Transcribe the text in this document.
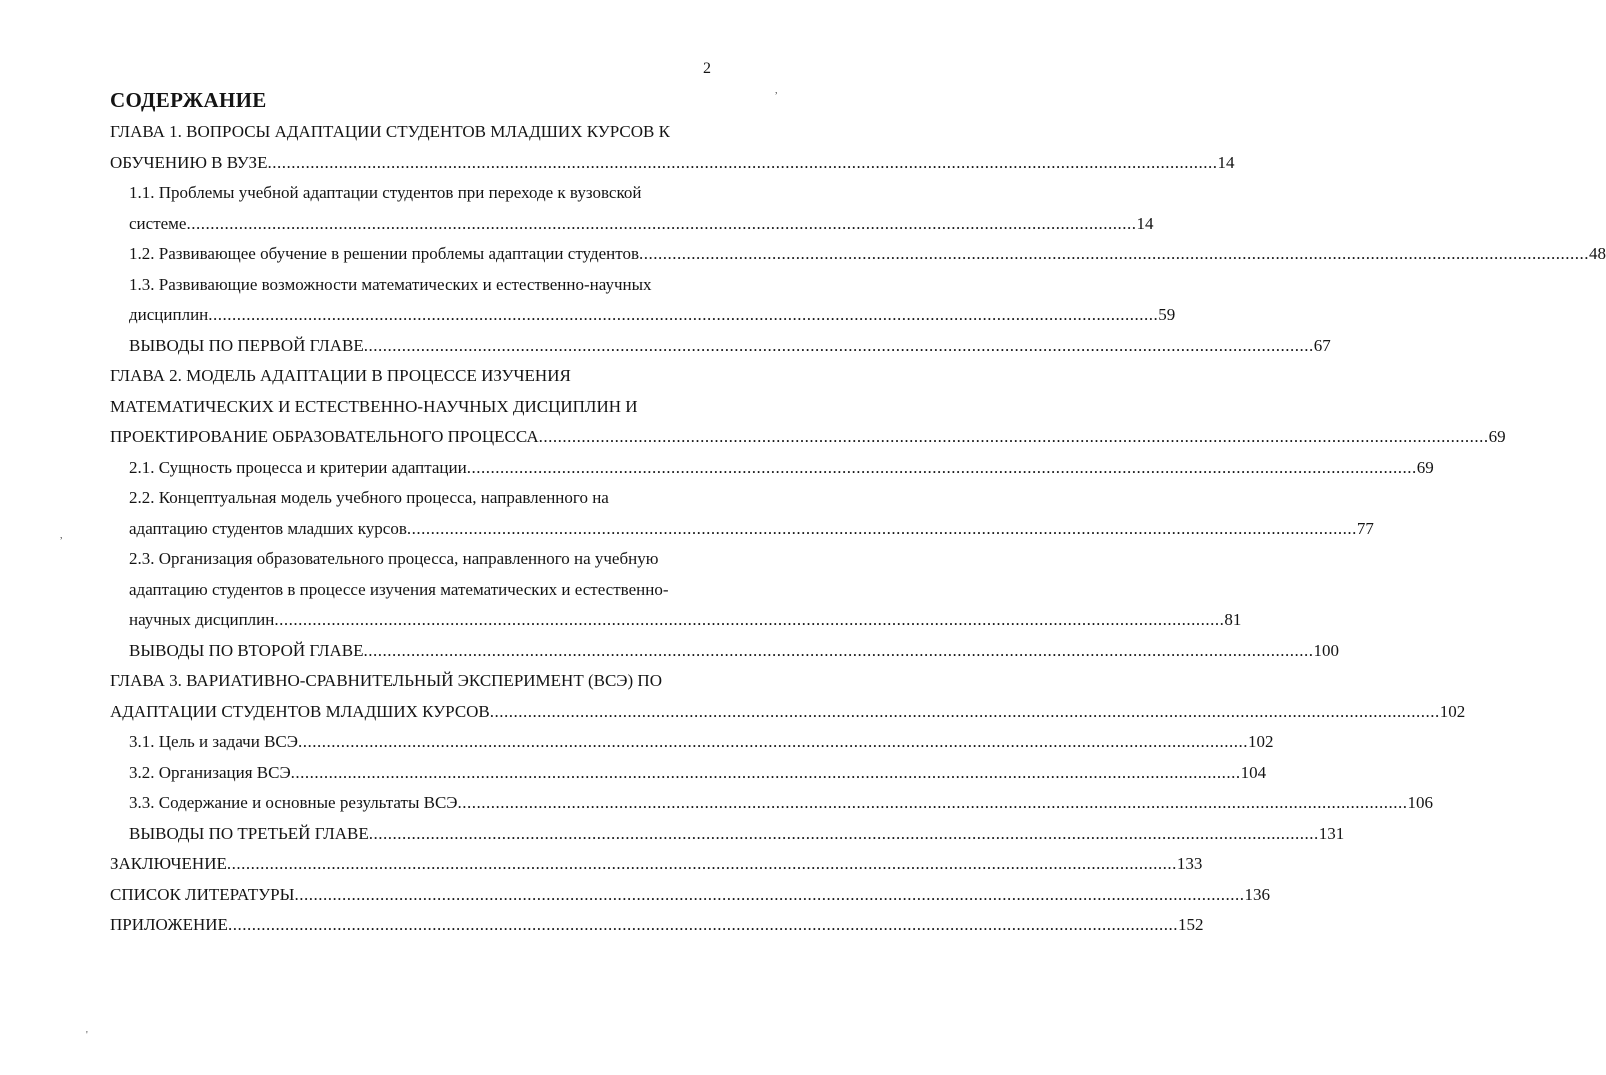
2
СОДЕРЖАНИЕ
ГЛАВА 1. ВОПРОСЫ АДАПТАЦИИ СТУДЕНТОВ МЛАДШИХ КУРСОВ К
ОБУЧЕНИЮ В ВУЗЕ ........................................................................................................................................................................................................ 14
1.1. Проблемы учебной адаптации студентов при переходе к вузовской
системе ........................................................................................................................................................................................................ 14
1.2. Развивающее обучение в решении проблемы адаптации студентов ........................................................................................................................................................................................................ 48
1.3. Развивающие возможности математических и естественно-научных
дисциплин ........................................................................................................................................................................................................ 59
ВЫВОДЫ ПО ПЕРВОЙ ГЛАВЕ ........................................................................................................................................................................................................ 67
ГЛАВА 2. МОДЕЛЬ АДАПТАЦИИ В ПРОЦЕССЕ ИЗУЧЕНИЯ
МАТЕМАТИЧЕСКИХ И ЕСТЕСТВЕННО-НАУЧНЫХ ДИСЦИПЛИН И
ПРОЕКТИРОВАНИЕ ОБРАЗОВАТЕЛЬНОГО ПРОЦЕССА ........................................................................................................................................................................................................ 69
2.1. Сущность процесса и критерии адаптации ........................................................................................................................................................................................................ 69
2.2. Концептуальная модель учебного процесса, направленного на
адаптацию студентов младших курсов ........................................................................................................................................................................................................ 77
2.3. Организация образовательного процесса, направленного на учебную
адаптацию студентов в процессе изучения математических и естественно-
научных дисциплин ........................................................................................................................................................................................................ 81
ВЫВОДЫ ПО ВТОРОЙ ГЛАВЕ ........................................................................................................................................................................................................ 100
ГЛАВА 3. ВАРИАТИВНО-СРАВНИТЕЛЬНЫЙ ЭКСПЕРИМЕНТ (ВСЭ) ПО
АДАПТАЦИИ СТУДЕНТОВ МЛАДШИХ КУРСОВ ........................................................................................................................................................................................................ 102
3.1. Цель и задачи ВСЭ ........................................................................................................................................................................................................ 102
3.2. Организация ВСЭ ........................................................................................................................................................................................................ 104
3.3. Содержание и основные результаты ВСЭ ........................................................................................................................................................................................................ 106
ВЫВОДЫ ПО ТРЕТЬЕЙ ГЛАВЕ ........................................................................................................................................................................................................ 131
ЗАКЛЮЧЕНИЕ ........................................................................................................................................................................................................ 133
СПИСОК ЛИТЕРАТУРЫ ........................................................................................................................................................................................................ 136
ПРИЛОЖЕНИЕ ........................................................................................................................................................................................................ 152
,
,
'
